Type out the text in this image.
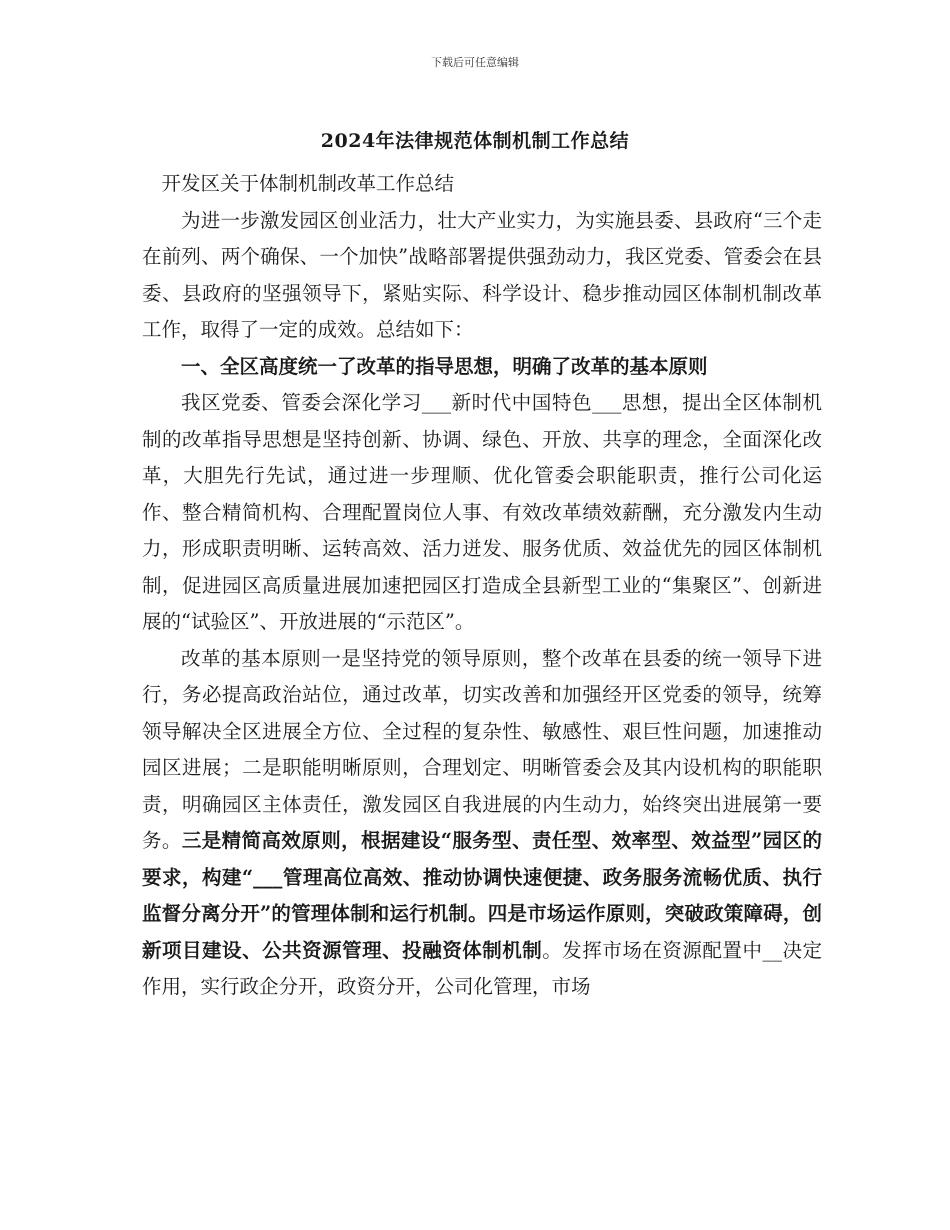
下载后可任意编辑
2024年法律规范体制机制工作总结

开发区关于体制机制改革工作总结

为进一步激发园区创业活力，壮大产业实力，为实施县委、县政府“三个走在前列、两个确保、一个加快”战略部署提供强劲动力，我区党委、管委会在县委、县政府的坚强领导下，紧贴实际、科学设计、稳步推动园区体制机制改革工作，取得了一定的成效。总结如下：

一、全区高度统一了改革的指导思想，明确了改革的基本原则

我区党委、管委会深化学习___新时代中国特色___思想，提出全区体制机制的改革指导思想是坚持创新、协调、绿色、开放、共享的理念，全面深化改革，大胆先行先试，通过进一步理顺、优化管委会职能职责，推行公司化运作、整合精简机构、合理配置岗位人事、有效改革绩效薪酬，充分激发内生动力，形成职责明晰、运转高效、活力迸发、服务优质、效益优先的园区体制机制，促进园区高质量进展加速把园区打造成全县新型工业的“集聚区”、创新进展的“试验区”、开放进展的“示范区”。

改革的基本原则一是坚持党的领导原则，整个改革在县委的统一领导下进行，务必提高政治站位，通过改革，切实改善和加强经开区党委的领导，统筹领导解决全区进展全方位、全过程的复杂性、敏感性、艰巨性问题，加速推动园区进展；二是职能明晰原则，合理划定、明晰管委会及其内设机构的职能职责，明确园区主体责任，激发园区自我进展的内生动力，始终突出进展第一要务。三是精简高效原则，根据建设“服务型、责任型、效率型、效益型”园区的要求，构建“___管理高位高效、推动协调快速便捷、政务服务流畅优质、执行监督分离分开”的管理体制和运行机制。四是市场运作原则，突破政策障碍，创新项目建设、公共资源管理、投融资体制机制。发挥市场在资源配置中__决定作用，实行政企分开，政资分开，公司化管理，市场
